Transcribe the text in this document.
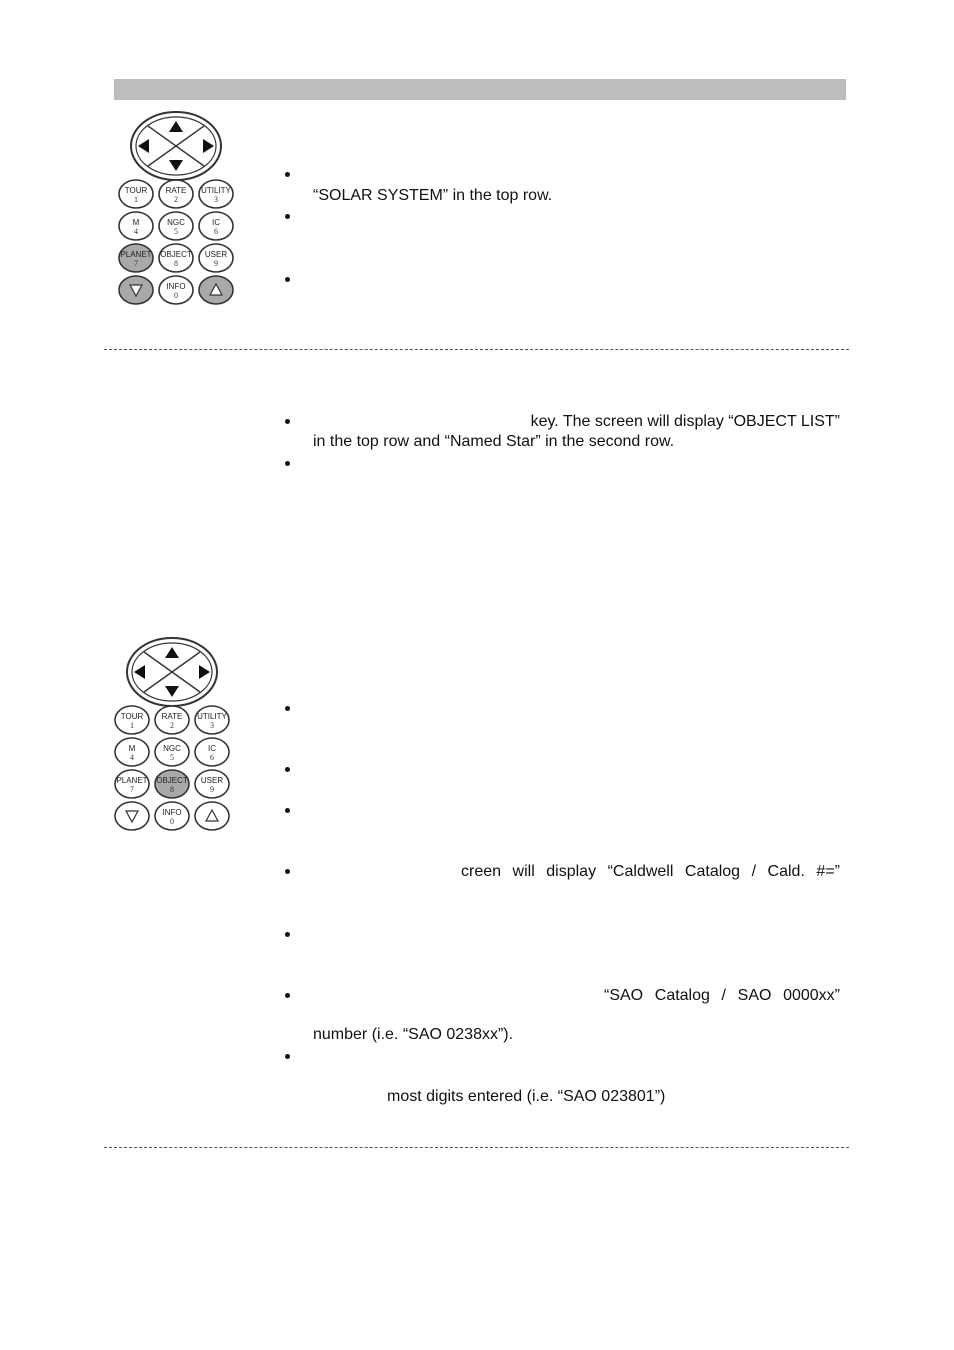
TOUR
1
RATE
2
UTILITY
3
M
4
NGC
5
IC
6
PLANET
7
OBJECT
8
USER
9
INFO
0
“SOLAR SYSTEM” in the top row.
key. The screen will display “OBJECT LIST”
in the top row and “Named Star” in the second row.
TOUR
1
RATE
2
UTILITY
3
M
4
NGC
5
IC
6
PLANET
7
OBJECT
8
USER
9
INFO
0
creen will display “Caldwell Catalog / Cald. #=”
“SAO Catalog / SAO 0000xx”
number (i.e. “SAO 0238xx”).
most digits entered (i.e. “SAO 023801”)
